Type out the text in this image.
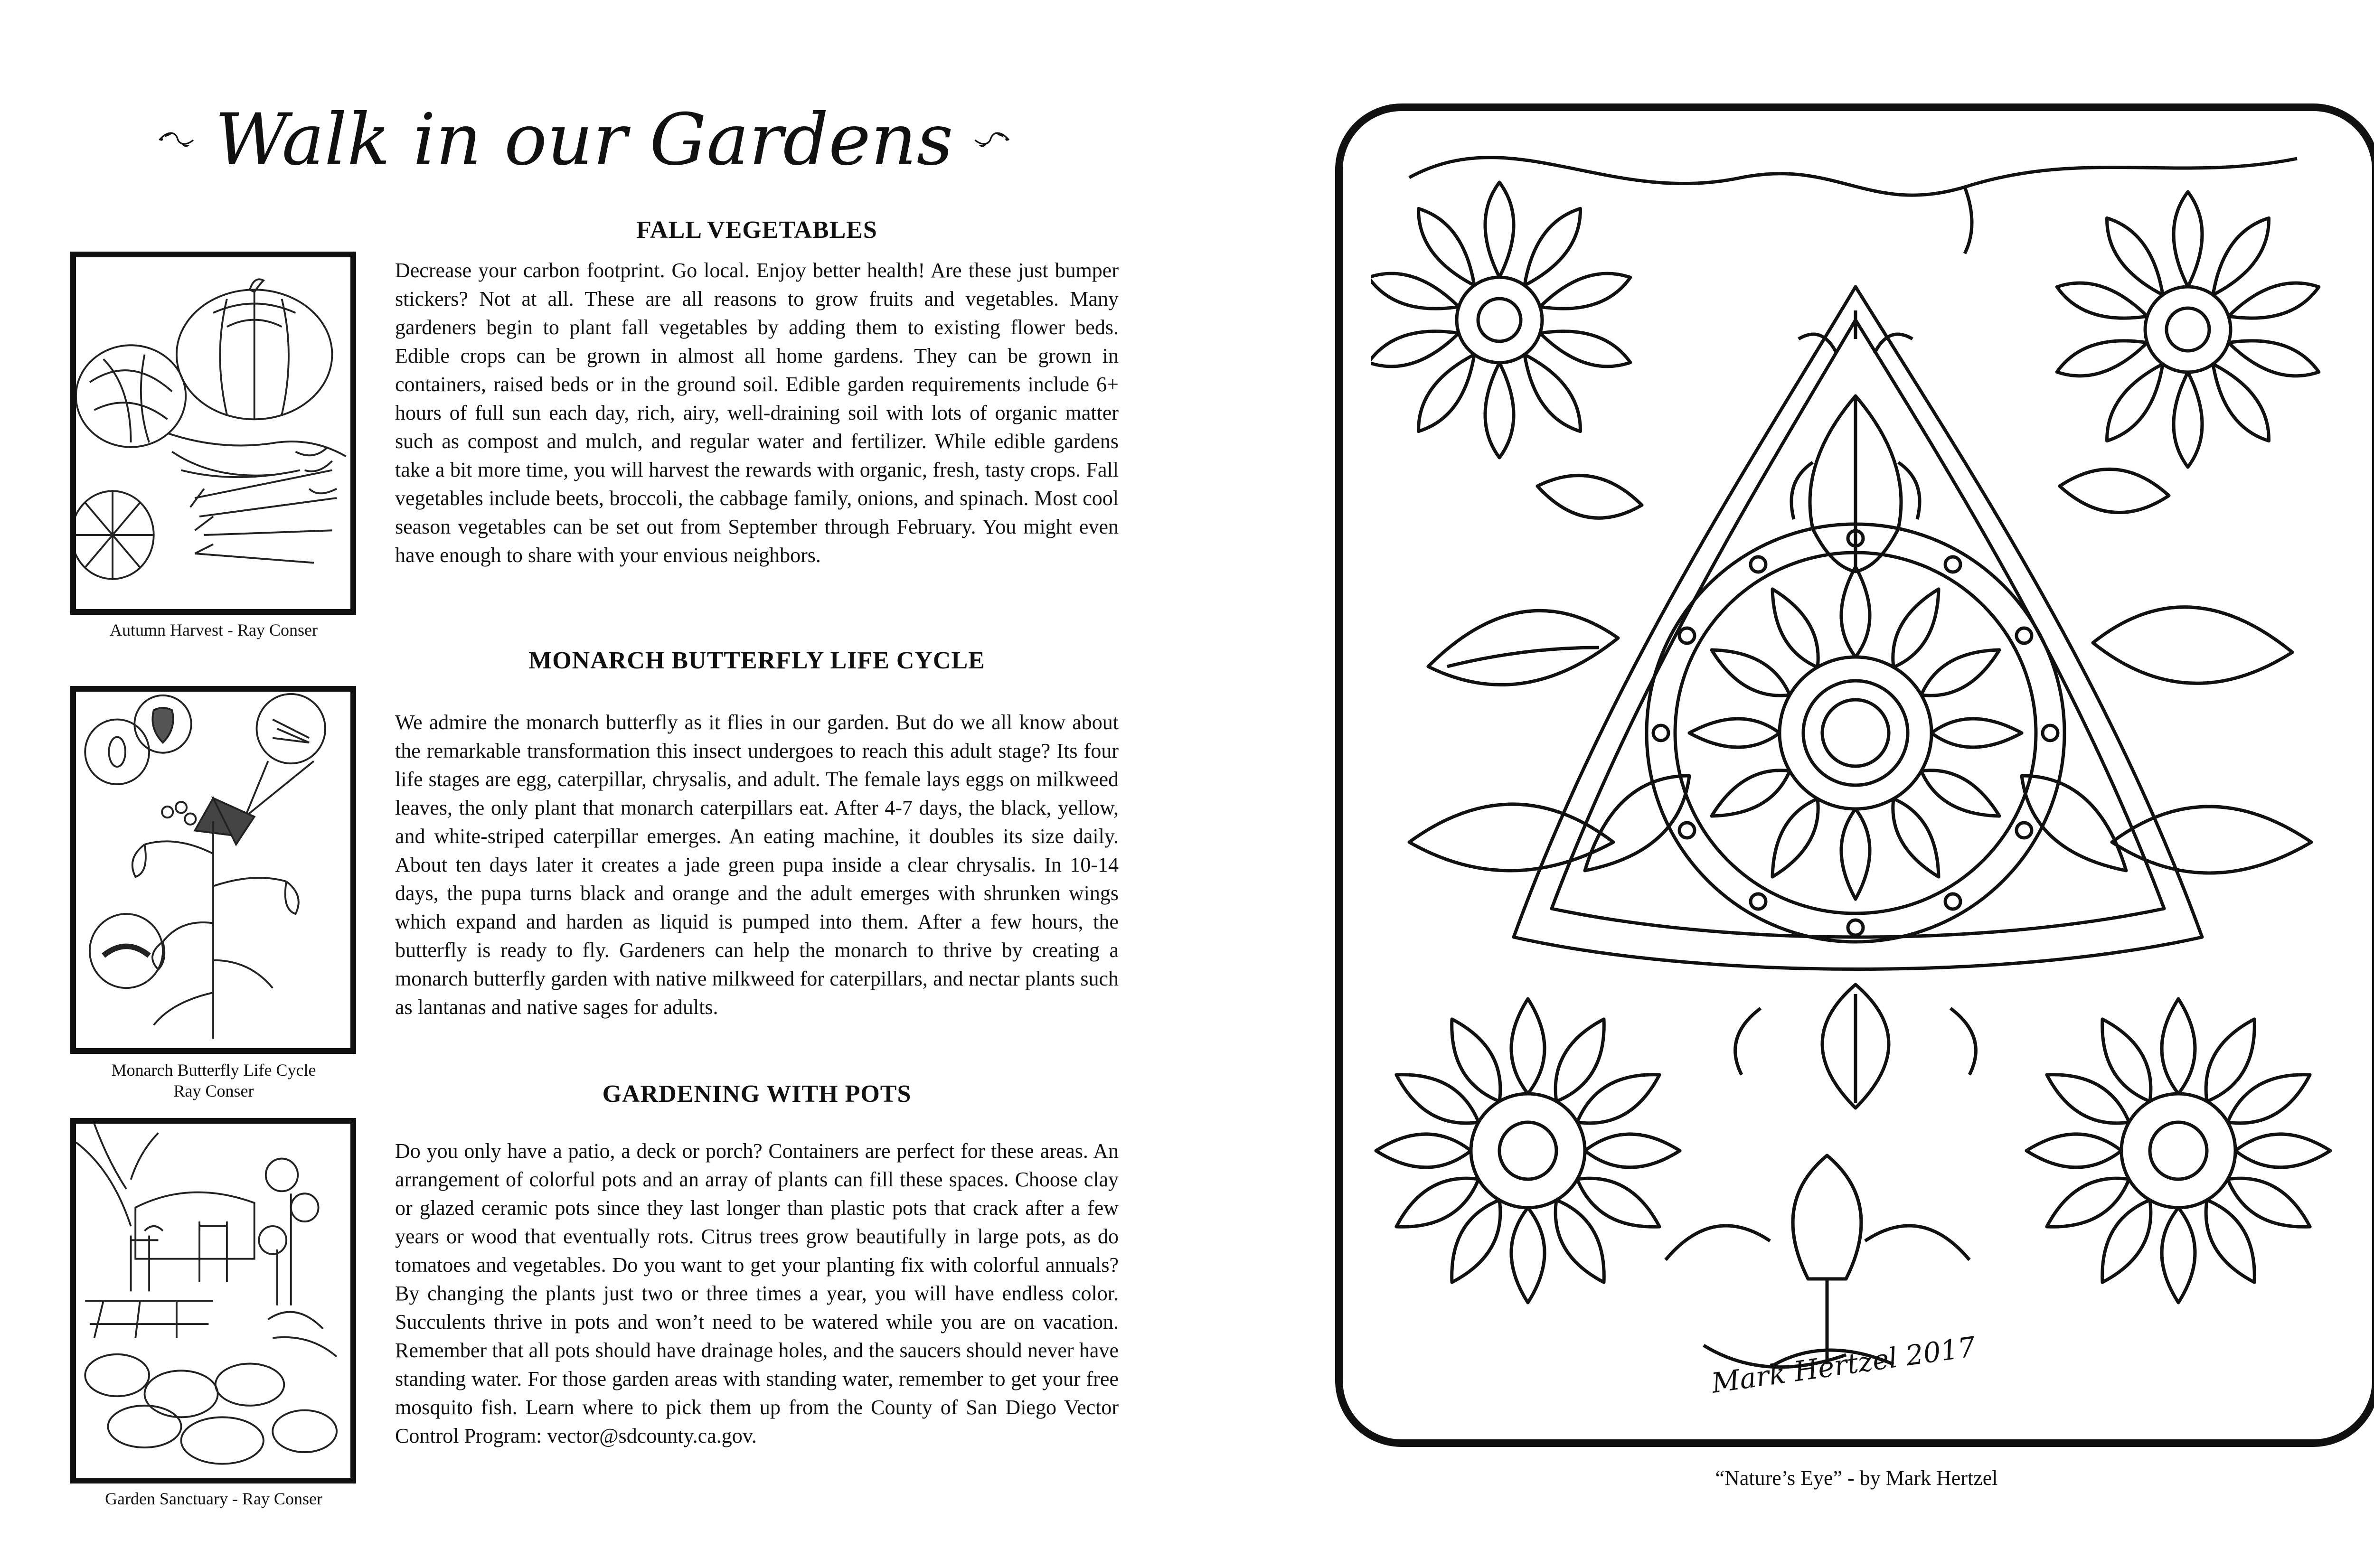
Walk in our Gardens
Autumn Harvest - Ray Conser
Monarch Butterfly Life Cycle
Ray Conser
Garden Sanctuary - Ray Conser
FALL VEGETABLES
Decrease your carbon footprint. Go local. Enjoy better health! Are these just bumper stickers? Not at all. These are all reasons to grow fruits and vegetables. Many gardeners begin to plant fall vegetables by adding them to existing flower beds. Edible crops can be grown in almost all home gardens. They can be grown in containers, raised beds or in the ground soil. Edible garden requirements include 6+ hours of full sun each day, rich, airy, well-draining soil with lots of organic matter such as compost and mulch, and regular water and fertilizer. While edible gardens take a bit more time, you will harvest the rewards with organic, fresh, tasty crops. Fall vegetables include beets, broccoli, the cabbage family, onions, and spinach. Most cool season vegetables can be set out from September through February. You might even have enough to share with your envious neighbors.
MONARCH BUTTERFLY LIFE CYCLE
We admire the monarch butterfly as it flies in our garden. But do we all know about the remarkable transformation this insect undergoes to reach this adult stage? Its four life stages are egg, caterpillar, chrysalis, and adult. The female lays eggs on milkweed leaves, the only plant that monarch caterpillars eat. After 4-7 days, the black, yellow, and white-striped caterpillar emerges. An eating machine, it doubles its size daily. About ten days later it creates a jade green pupa inside a clear chrysalis. In 10-14 days, the pupa turns black and orange and the adult emerges with shrunken wings which expand and harden as liquid is pumped into them. After a few hours, the butterfly is ready to fly. Gardeners can help the monarch to thrive by creating a monarch butterfly garden with native milkweed for caterpillars, and nectar plants such as lantanas and native sages for adults.
GARDENING WITH POTS
Do you only have a patio, a deck or porch? Containers are perfect for these areas. An arrangement of colorful pots and an array of plants can fill these spaces. Choose clay or glazed ceramic pots since they last longer than plastic pots that crack after a few years or wood that eventually rots. Citrus trees grow beautifully in large pots, as do tomatoes and vegetables. Do you want to get your planting fix with colorful annuals? By changing the plants just two or three times a year, you will have endless color. Succulents thrive in pots and won’t need to be watered while you are on vacation. Remember that all pots should have drainage holes, and the saucers should never have standing water. For those garden areas with standing water, remember to get your free mosquito fish. Learn where to pick them up from the County of San Diego Vector Control Program: vector@sdcounty.ca.gov.
Mark Hertzel 2017
“Nature’s Eye” - by Mark Hertzel
